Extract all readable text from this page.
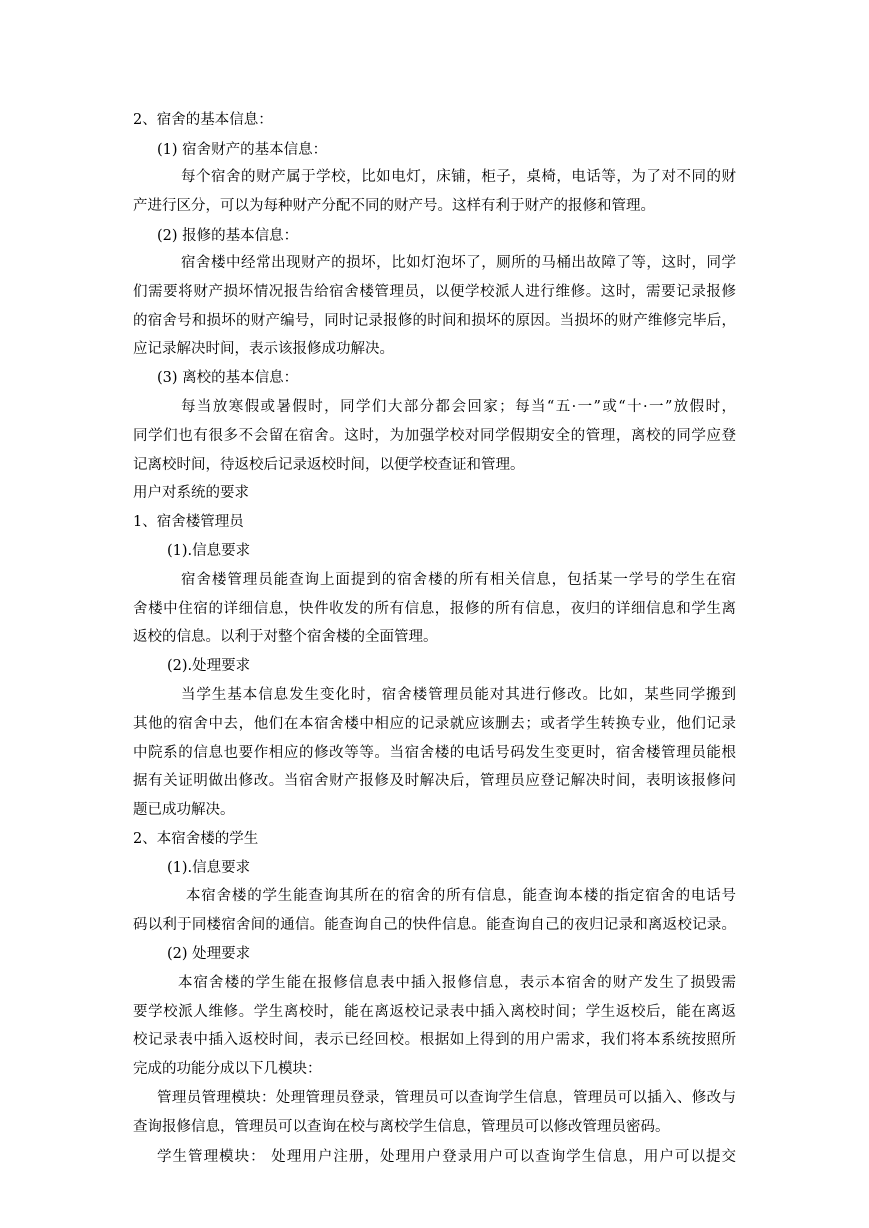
2、宿舍的基本信息：
(1) 宿舍财产的基本信息：
每个宿舍的财产属于学校，比如电灯，床铺，柜子，桌椅，电话等，为了对不同的财
产进行区分，可以为每种财产分配不同的财产号。这样有利于财产的报修和管理。
(2) 报修的基本信息：
宿舍楼中经常出现财产的损坏，比如灯泡坏了，厕所的马桶出故障了等，这时，同学
们需要将财产损坏情况报告给宿舍楼管理员，以便学校派人进行维修。这时，需要记录报修
的宿舍号和损坏的财产编号，同时记录报修的时间和损坏的原因。当损坏的财产维修完毕后，
应记录解决时间，表示该报修成功解决。
(3) 离校的基本信息：
每当放寒假或暑假时，同学们大部分都会回家；每当“五·一”或“十·一”放假时，
同学们也有很多不会留在宿舍。这时，为加强学校对同学假期安全的管理，离校的同学应登
记离校时间，待返校后记录返校时间，以便学校查证和管理。
用户对系统的要求
1、宿舍楼管理员
(1).信息要求
宿舍楼管理员能查询上面提到的宿舍楼的所有相关信息，包括某一学号的学生在宿
舍楼中住宿的详细信息，快件收发的所有信息，报修的所有信息，夜归的详细信息和学生离
返校的信息。以利于对整个宿舍楼的全面管理。
(2).处理要求
当学生基本信息发生变化时，宿舍楼管理员能对其进行修改。比如，某些同学搬到
其他的宿舍中去，他们在本宿舍楼中相应的记录就应该删去；或者学生转换专业，他们记录
中院系的信息也要作相应的修改等等。当宿舍楼的电话号码发生变更时，宿舍楼管理员能根
据有关证明做出修改。当宿舍财产报修及时解决后，管理员应登记解决时间，表明该报修问
题已成功解决。
2、本宿舍楼的学生
(1).信息要求
本宿舍楼的学生能查询其所在的宿舍的所有信息，能查询本楼的指定宿舍的电话号
码以利于同楼宿舍间的通信。能查询自己的快件信息。能查询自己的夜归记录和离返校记录。
(2) 处理要求
本宿舍楼的学生能在报修信息表中插入报修信息，表示本宿舍的财产发生了损毁需
要学校派人维修。学生离校时，能在离返校记录表中插入离校时间；学生返校后，能在离返
校记录表中插入返校时间，表示已经回校。根据如上得到的用户需求，我们将本系统按照所
完成的功能分成以下几模块：
管理员管理模块：处理管理员登录，管理员可以查询学生信息，管理员可以插入、修改与
查询报修信息，管理员可以查询在校与离校学生信息，管理员可以修改管理员密码。
学生管理模块： 处理用户注册，处理用户登录用户可以查询学生信息，用户可以提交
